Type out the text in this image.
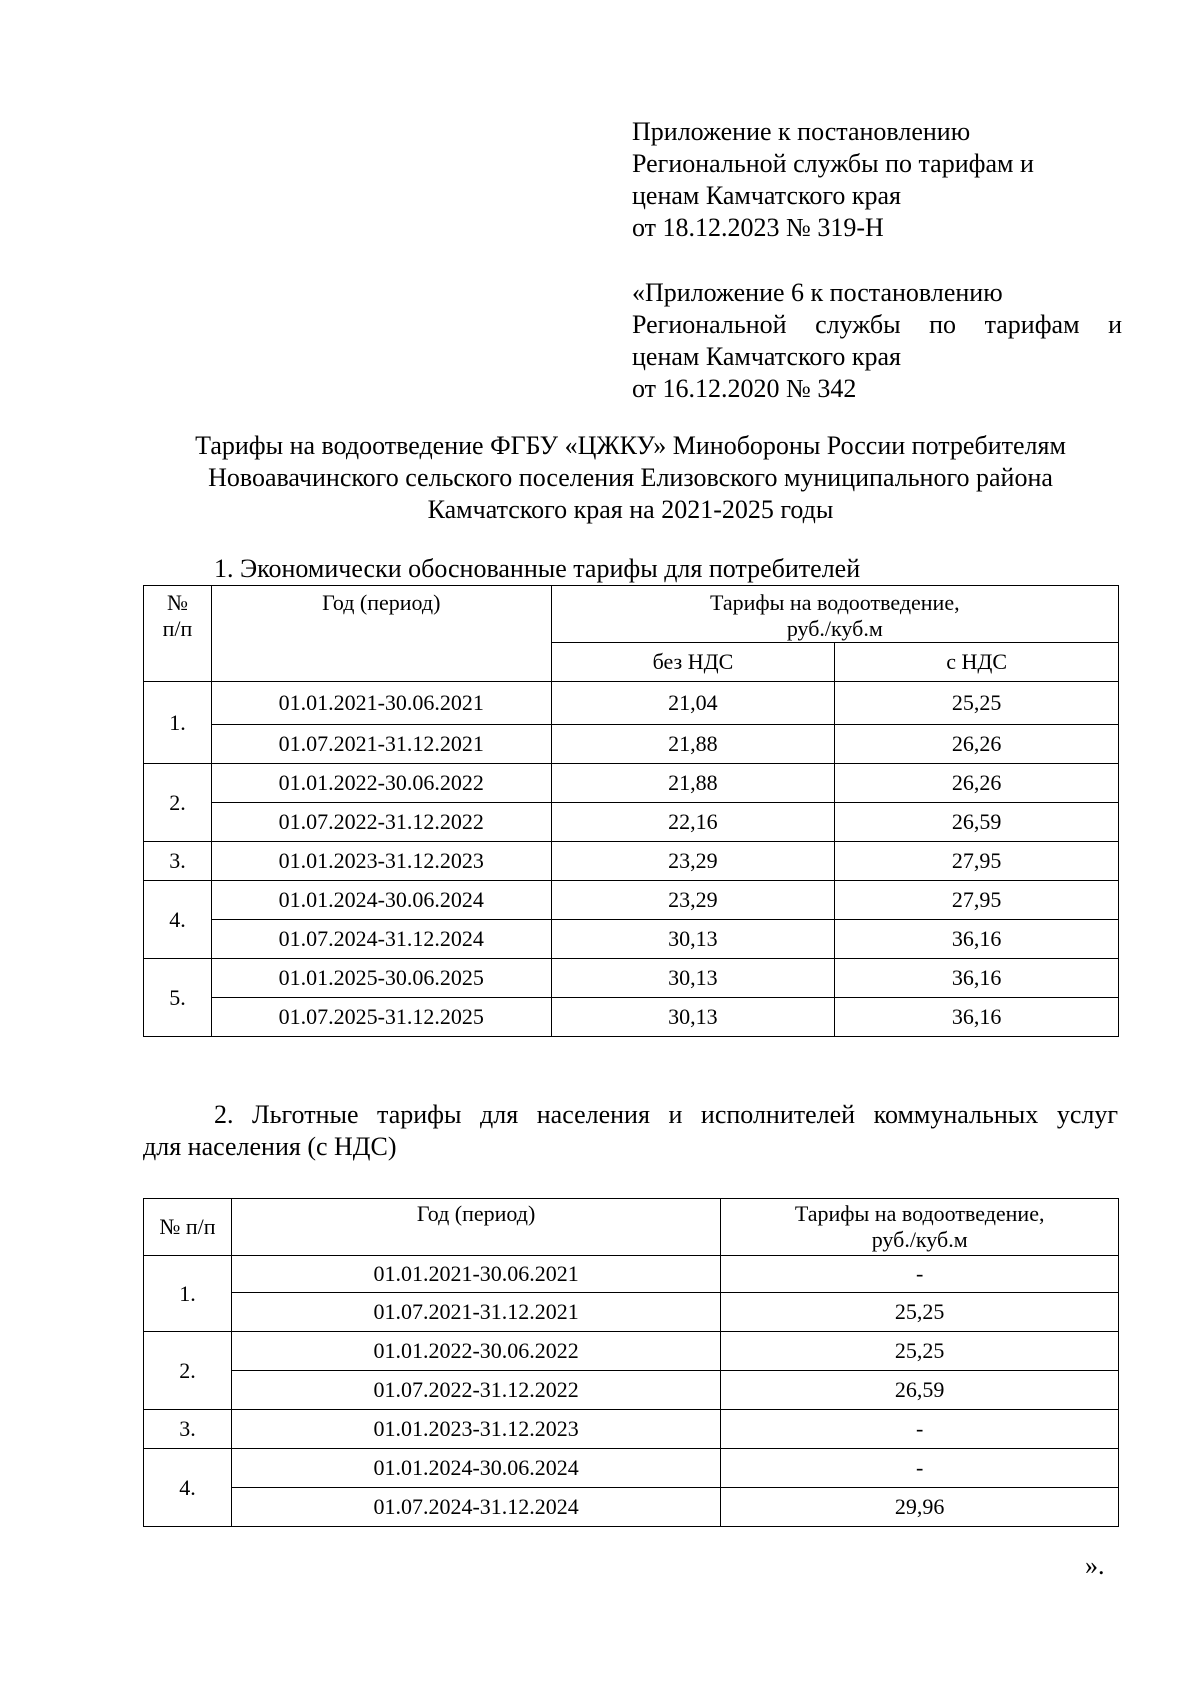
Приложение к постановлению
Региональной службы по тарифам и
ценам Камчатского края
от 18.12.2023 № 319-Н
«Приложение 6 к постановлению
Региональной службы по тарифам и
ценам Камчатского края
от 16.12.2020 № 342
Тарифы на водоотведение ФГБУ «ЦЖКУ» Минобороны России потребителям
Новоавачинского сельского поселения Елизовского муниципального района
Камчатского края на 2021-2025 годы
1. Экономически обоснованные тарифы для потребителей
№
п/п	Год (период)	Тарифы на водоотведение,
руб./куб.м	

		без НДС	с НДС
1.	01.01.2021-30.06.2021	21,04	25,25
	01.07.2021-31.12.2021	21,88	26,26
2.	01.01.2022-30.06.2022	21,88	26,26
	01.07.2022-31.12.2022	22,16	26,59
3.	01.01.2023-31.12.2023	23,29	27,95
4.	01.01.2024-30.06.2024	23,29	27,95
	01.07.2024-31.12.2024	30,13	36,16
5.	01.01.2025-30.06.2025	30,13	36,16
	01.07.2025-31.12.2025	30,13	36,16
2. Льготные тарифы для населения и исполнителей коммунальных услуг
для населения (с НДС)
№ п/п	Год (период)	Тарифы на водоотведение,
руб./куб.м

1.	01.01.2021-30.06.2021	-
	01.07.2021-31.12.2021	25,25
2.	01.01.2022-30.06.2022	25,25
	01.07.2022-31.12.2022	26,59
3.	01.01.2023-31.12.2023	-
4.	01.01.2024-30.06.2024	-
	01.07.2024-31.12.2024	29,96
».
